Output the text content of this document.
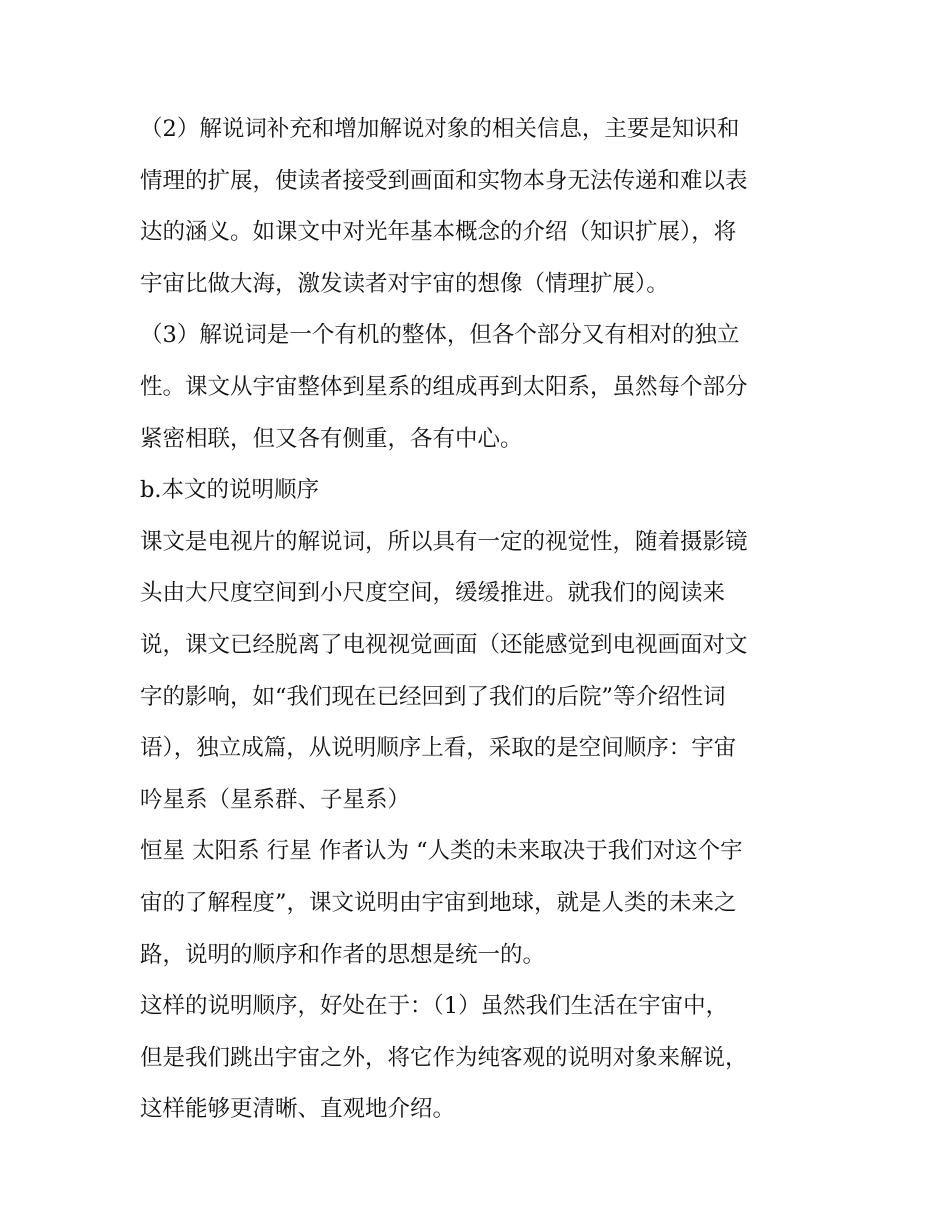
（2）解说词补充和增加解说对象的相关信息，主要是知识和
情理的扩展，使读者接受到画面和实物本身无法传递和难以表
达的涵义。如课文中对光年基本概念的介绍（知识扩展），将
宇宙比做大海，激发读者对宇宙的想像（情理扩展）。
（3）解说词是一个有机的整体，但各个部分又有相对的独立
性。课文从宇宙整体到星系的组成再到太阳系，虽然每个部分
紧密相联，但又各有侧重，各有中心。
b.本文的说明顺序
课文是电视片的解说词，所以具有一定的视觉性，随着摄影镜
头由大尺度空间到小尺度空间，缓缓推进。就我们的阅读来
说，课文已经脱离了电视视觉画面（还能感觉到电视画面对文
字的影响，如“我们现在已经回到了我们的后院”等介绍性词
语），独立成篇，从说明顺序上看，采取的是空间顺序：宇宙
吟星系（星系群、子星系）
恒星 太阳系 行星 作者认为 “人类的未来取决于我们对这个宇
宙的了解程度”，课文说明由宇宙到地球，就是人类的未来之
路，说明的顺序和作者的思想是统一的。
这样的说明顺序，好处在于：（1）虽然我们生活在宇宙中，
但是我们跳出宇宙之外，将它作为纯客观的说明对象来解说，
这样能够更清晰、直观地介绍。
